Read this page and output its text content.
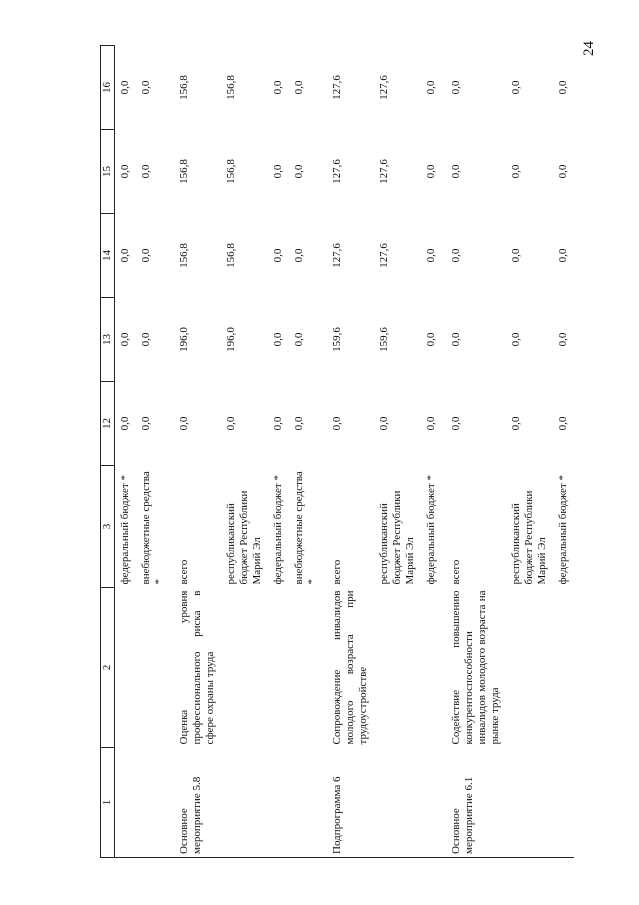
24
1	2	3	12	13	14	15	16
		федеральный бюджет *	0,0	0,0	0,0	0,0	0,0
		внебюджетные средства *	0,0	0,0	0,0	0,0	0,0
Основное мероприятие 5.8	Оценка уровня профессионального риска в сфере охраны труда	всего	0,0	196,0	156,8	156,8	156,8
		республиканский бюджет Республики Марий Эл	0,0	196,0	156,8	156,8	156,8
		федеральный бюджет *	0,0	0,0	0,0	0,0	0,0
		внебюджетные средства *	0,0	0,0	0,0	0,0	0,0
Подпрограмма 6	Сопровождение инвалидов молодого возраста при трудоустройстве	всего	0,0	159,6	127,6	127,6	127,6
		республиканский бюджет Республики Марий Эл	0,0	159,6	127,6	127,6	127,6
		федеральный бюджет *	0,0	0,0	0,0	0,0	0,0
Основное мероприятие 6.1	Содействие повышению конкурентоспособности инвалидов молодого возраста на рынке труда	всего	0,0	0,0	0,0	0,0	0,0
		республиканский бюджет Республики Марий Эл	0,0	0,0	0,0	0,0	0,0
		федеральный бюджет *	0,0	0,0	0,0	0,0	0,0
